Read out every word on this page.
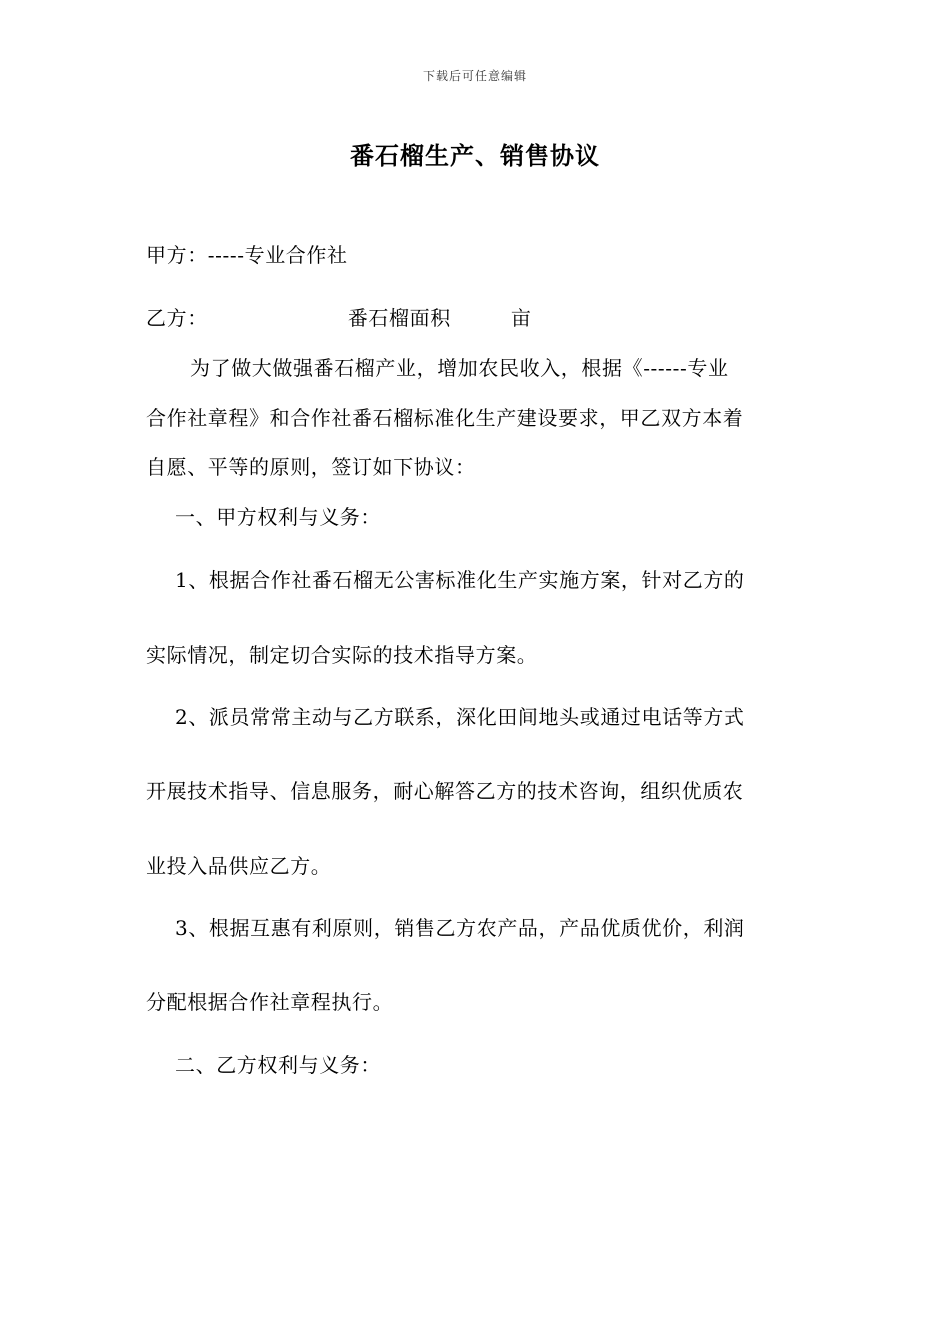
下载后可任意编辑
番石榴生产、销售协议
甲方：-----专业合作社
乙方：	番石榴面积	亩
为了做大做强番石榴产业，增加农民收入，根据《------专业
合作社章程》和合作社番石榴标准化生产建设要求，甲乙双方本着
自愿、平等的原则，签订如下协议：
一、甲方权利与义务：
1、根据合作社番石榴无公害标准化生产实施方案，针对乙方的
实际情况，制定切合实际的技术指导方案。
2、派员常常主动与乙方联系，深化田间地头或通过电话等方式
开展技术指导、信息服务，耐心解答乙方的技术咨询，组织优质农
业投入品供应乙方。
3、根据互惠有利原则，销售乙方农产品，产品优质优价，利润
分配根据合作社章程执行。
二、乙方权利与义务：
